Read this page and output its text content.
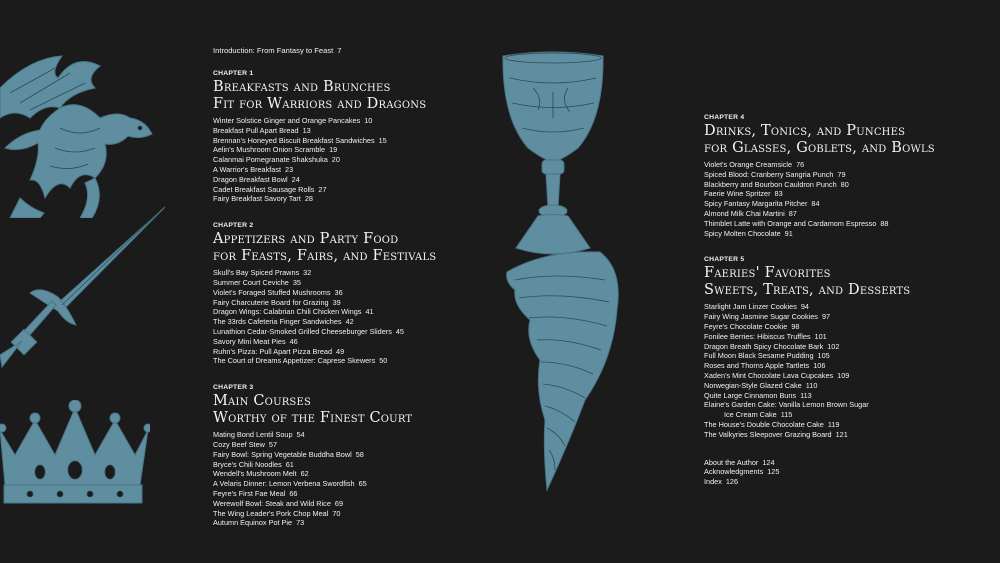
Introduction: From Fantasy to Feast 7
CHAPTER 1
Breakfasts and Brunches
Fit for Warriors and Dragons
Winter Solstice Ginger and Orange Pancakes 10
Breakfast Pull Apart Bread 13
Brennan's Honeyed Biscuit Breakfast Sandwiches 15
Aelin's Mushroom Onion Scramble 19
Calanmai Pomegranate Shakshuka 20
A Warrior's Breakfast 23
Dragon Breakfast Bowl 24
Cadet Breakfast Sausage Rolls 27
Fairy Breakfast Savory Tart 28
CHAPTER 2
Appetizers and Party Food
for Feasts, Fairs, and Festivals
Skull's Bay Spiced Prawns 32
Summer Court Ceviche 35
Violet's Foraged Stuffed Mushrooms 36
Fairy Charcuterie Board for Grazing 39
Dragon Wings: Calabrian Chili Chicken Wings 41
The 33rds Cafeteria Finger Sandwiches 42
Lunathion Cedar-Smoked Grilled Cheeseburger Sliders 45
Savory Mini Meat Pies 46
Ruhn's Pizza: Pull Apart Pizza Bread 49
The Court of Dreams Appetizer: Caprese Skewers 50
CHAPTER 3
Main Courses
Worthy of the Finest Court
Mating Bond Lentil Soup 54
Cozy Beef Stew 57
Fairy Bowl: Spring Vegetable Buddha Bowl 58
Bryce's Chili Noodles 61
Wendell's Mushroom Melt 62
A Velaris Dinner: Lemon Verbena Swordfish 65
Feyre's First Fae Meal 66
Werewolf Bowl: Steak and Wild Rice 69
The Wing Leader's Pork Chop Meal 70
Autumn Equinox Pot Pie 73
CHAPTER 4
Drinks, Tonics, and Punches
for Glasses, Goblets, and Bowls
Violet's Orange Creamsicle 76
Spiced Blood: Cranberry Sangria Punch 79
Blackberry and Bourbon Cauldron Punch 80
Faerie Wine Spritzer 83
Spicy Fantasy Margarita Pitcher 84
Almond Milk Chai Martini 87
Thimblet Latte with Orange and Cardamom Espresso 88
Spicy Molten Chocolate 91
CHAPTER 5
Faeries' Favorites
Sweets, Treats, and Desserts
Starlight Jam Linzer Cookies 94
Fairy Wing Jasmine Sugar Cookies 97
Feyre's Chocolate Cookie 98
Fonilee Berries: Hibiscus Truffles 101
Dragon Breath Spicy Chocolate Bark 102
Full Moon Black Sesame Pudding 105
Roses and Thorns Apple Tartlets 106
Xaden's Mint Chocolate Lava Cupcakes 109
Norwegian-Style Glazed Cake 110
Quite Large Cinnamon Buns 113
Elaine's Garden Cake: Vanilla Lemon Brown Sugar
Ice Cream Cake 115
The House's Double Chocolate Cake 119
The Valkyries Sleepover Grazing Board 121
About the Author 124
Acknowledgments 125
Index 126
